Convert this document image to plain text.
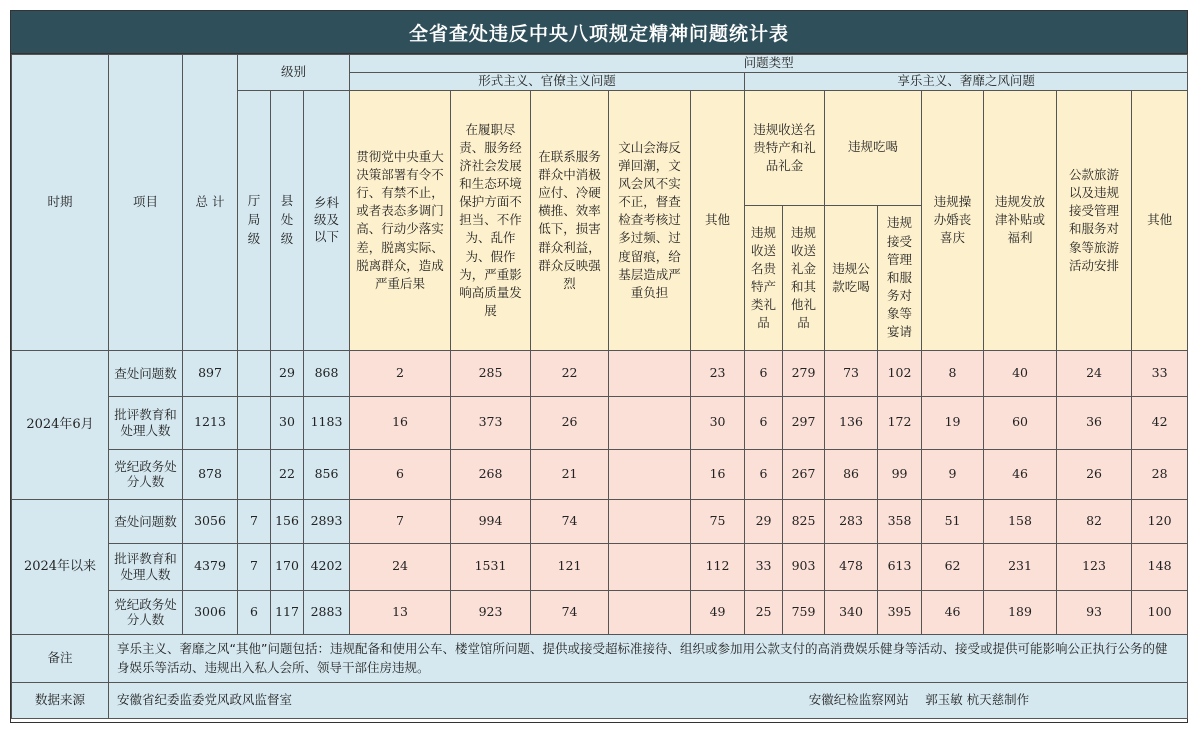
全省查处违反中央八项规定精神问题统计表
时期	项目	总 计	级别			问题类型												
						形式主义、官僚主义问题					享乐主义、奢靡之风问题							
			厅局级	县处级	乡科级及以下	贯彻党中央重大决策部署有令不行、有禁不止，或者表态多调门高、行动少落实差，脱离实际、脱离群众，造成严重后果	在履职尽责、服务经济社会发展和生态环境保护方面不担当、不作为、乱作为、假作为，严重影响高质量发展	在联系服务群众中消极应付、冷硬横推、效率低下，损害群众利益，群众反映强烈	文山会海反弹回潮，文风会风不实不正，督查检查考核过多过频、过度留痕，给基层造成严重负担	其他	违规收送名贵特产和礼品礼金		违规吃喝		违规操办婚丧喜庆	违规发放津补贴或福利	公款旅游以及违规接受管理和服务对象等旅游活动安排	其他
											违规收送名贵特产类礼品	违规收送礼金和其他礼品	违规公款吃喝	违规接受管理和服务对象等宴请				
2024年6月	查处问题数	897		29	868	2	285	22		23	6	279	73	102	8	40	24	33
	批评教育和处理人数	1213		30	1183	16	373	26		30	6	297	136	172	19	60	36	42
	党纪政务处分人数	878		22	856	6	268	21		16	6	267	86	99	9	46	26	28
2024年以来	查处问题数	3056	7	156	2893	7	994	74		75	29	825	283	358	51	158	82	120
	批评教育和处理人数	4379	7	170	4202	24	1531	121		112	33	903	478	613	62	231	123	148
	党纪政务处分人数	3006	6	117	2883	13	923	74		49	25	759	340	395	46	189	93	100
备注	享乐主义、奢靡之风“其他”问题包括：违规配备和使用公车、楼堂馆所问题、提供或接受超标准接待、组织或参加用公款支付的高消费娱乐健身等活动、接受或提供可能影响公正执行公务的健身娱乐等活动、违规出入私人会所、领导干部住房违规。																	
数据来源	安徽省纪委监委党风政风监督室 安徽纪检监察网站　 郭玉敏 杭天慈制作																	
